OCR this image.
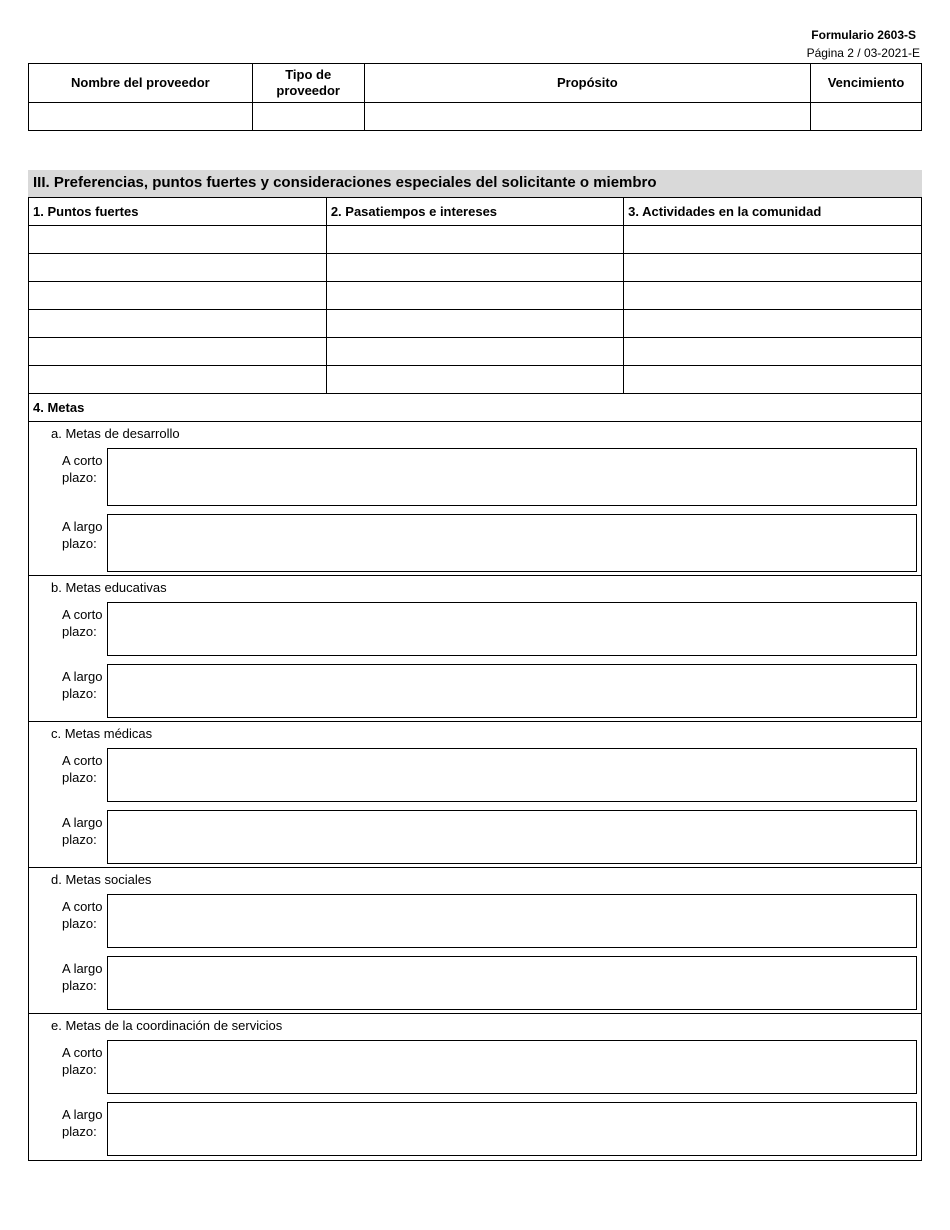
Formulario 2603-S
Página 2 / 03-2021-E
Nombre del proveedor	Tipo de proveedor	Propósito	Vencimiento

III. Preferencias, puntos fuertes y consideraciones especiales del solicitante o miembro
1. Puntos fuertes	2. Pasatiempos e intereses	3. Actividades en la comunidad

4. Metas
a. Metas de desarrollo
A corto plazo:
A largo plazo:
b. Metas educativas
A corto plazo:
A largo plazo:
c. Metas médicas
A corto plazo:
A largo plazo:
d. Metas sociales
A corto plazo:
A largo plazo:
e. Metas de la coordinación de servicios
A corto plazo:
A largo plazo:
